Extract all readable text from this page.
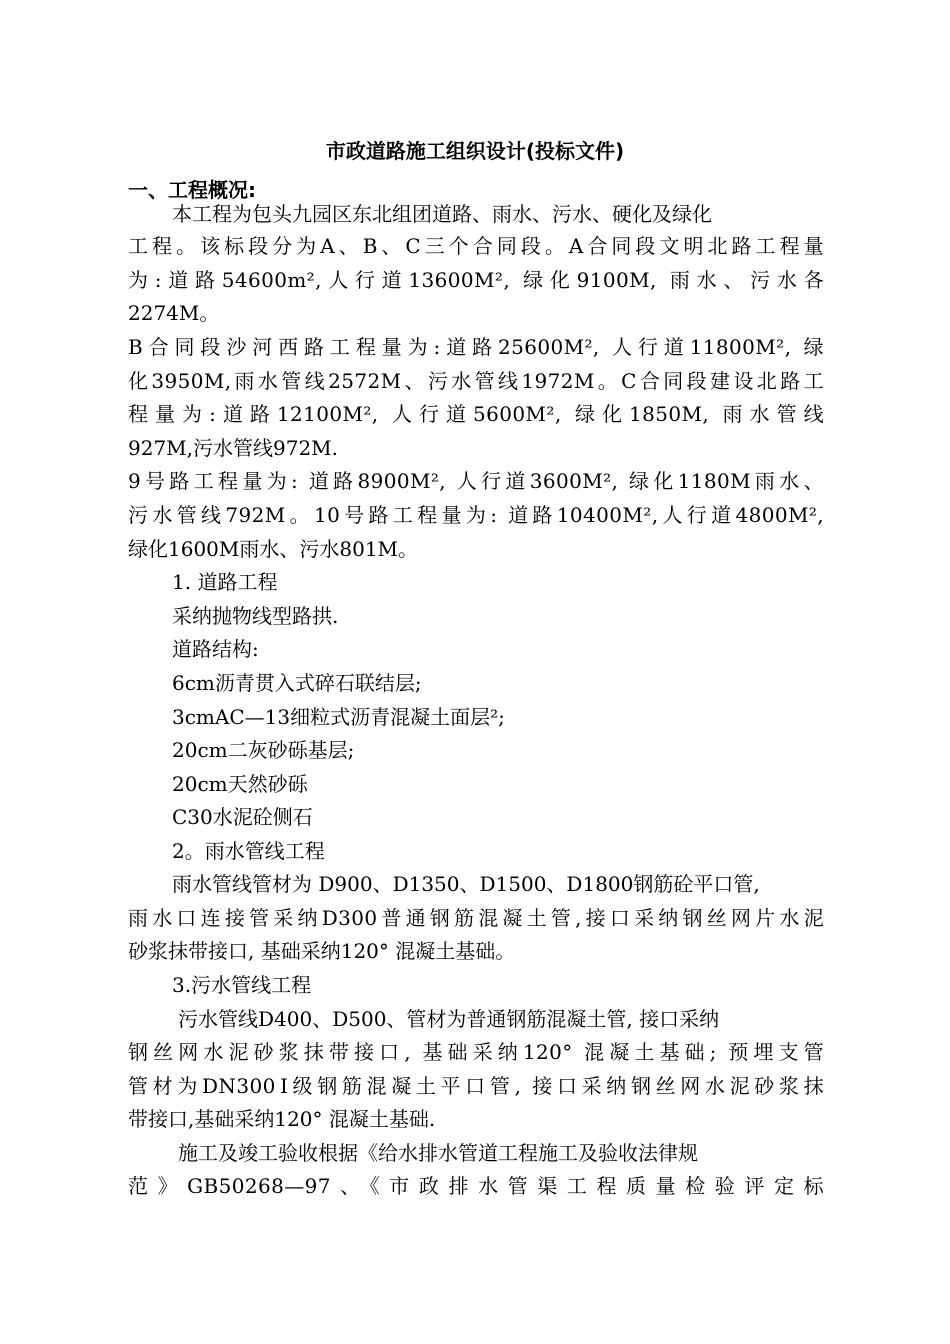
市政道路施工组织设计(投标文件)
一、工程概况:
本工程为包头九园区东北组团道路、雨水、污水、硬化及绿化
工程。该标段分为A、B、C三个合同段。A合同段文明北路工程量
为:道路54600m²,人行道13600M², 绿化9100M, 雨水、污水各
2274M。
B合同段沙河西路工程量为:道路25600M², 人行道11800M², 绿
化3950M,雨水管线2572M、污水管线1972M。C合同段建设北路工
程量为:道路12100M², 人行道5600M², 绿化1850M, 雨水管线
927M,污水管线972M.
9号路工程量为: 道路8900M², 人行道3600M², 绿化1180M雨水、
污水管线792M。10号路工程量为: 道路10400M²,人行道4800M²,
绿化1600M雨水、污水801M。
1. 道路工程
采纳抛物线型路拱.
道路结构:
6cm沥青贯入式碎石联结层;
3cmAC—13细粒式沥青混凝土面层²;
20cm二灰砂砾基层;
20cm天然砂砾
C30水泥砼侧石
2。雨水管线工程
雨水管线管材为 D900、D1350、D1500、D1800钢筋砼平口管,
雨水口连接管采纳D300普通钢筋混凝土管,接口采纳钢丝网片水泥
砂浆抹带接口, 基础采纳120° 混凝土基础。
3.污水管线工程
污水管线D400、D500、管材为普通钢筋混凝土管, 接口采纳
钢丝网水泥砂浆抹带接口, 基础采纳120° 混凝土基础; 预埋支管
管材为DN300Ⅰ级钢筋混凝土平口管, 接口采纳钢丝网水泥砂浆抹
带接口,基础采纳120° 混凝土基础.
施工及竣工验收根据《给水排水管道工程施工及验收法律规
范》GB50268—97、《市政排水管渠工程质量检验评定标
